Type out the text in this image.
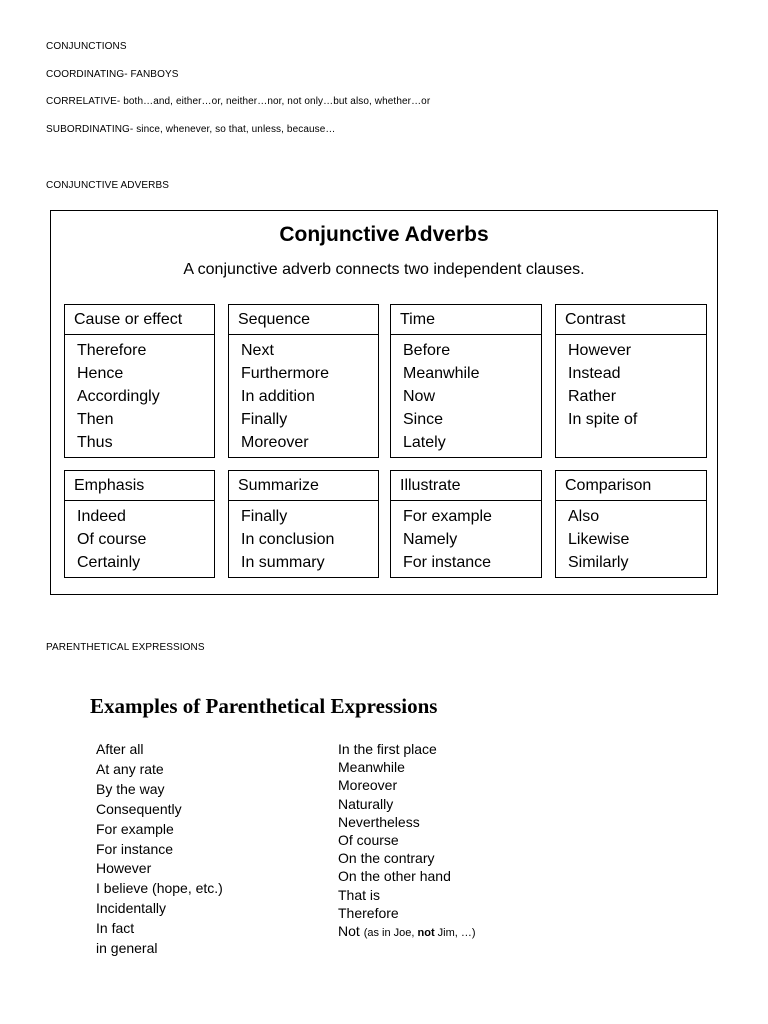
CONJUNCTIONS
COORDINATING- FANBOYS
CORRELATIVE- both…and, either…or, neither…nor, not only…but also, whether…or
SUBORDINATING- since, whenever, so that, unless, because…
CONJUNCTIVE ADVERBS
Conjunctive Adverbs
A conjunctive adverb connects two independent clauses.
Cause or effect
Therefore
Hence
Accordingly
Then
Thus
Sequence
Next
Furthermore
In addition
Finally
Moreover
Time
Before
Meanwhile
Now
Since
Lately
Contrast
However
Instead
Rather
In spite of
Emphasis
Indeed
Of course
Certainly
Summarize
Finally
In conclusion
In summary
Illustrate
For example
Namely
For instance
Comparison
Also
Likewise
Similarly
PARENTHETICAL EXPRESSIONS
Examples of Parenthetical Expressions
After all
At any rate
By the way
Consequently
For example
For instance
However
I believe (hope, etc.)
Incidentally
In fact
in general
In the first place
Meanwhile
Moreover
Naturally
Nevertheless
Of course
On the contrary
On the other hand
That is
Therefore
Not (as in Joe, not Jim, …)
